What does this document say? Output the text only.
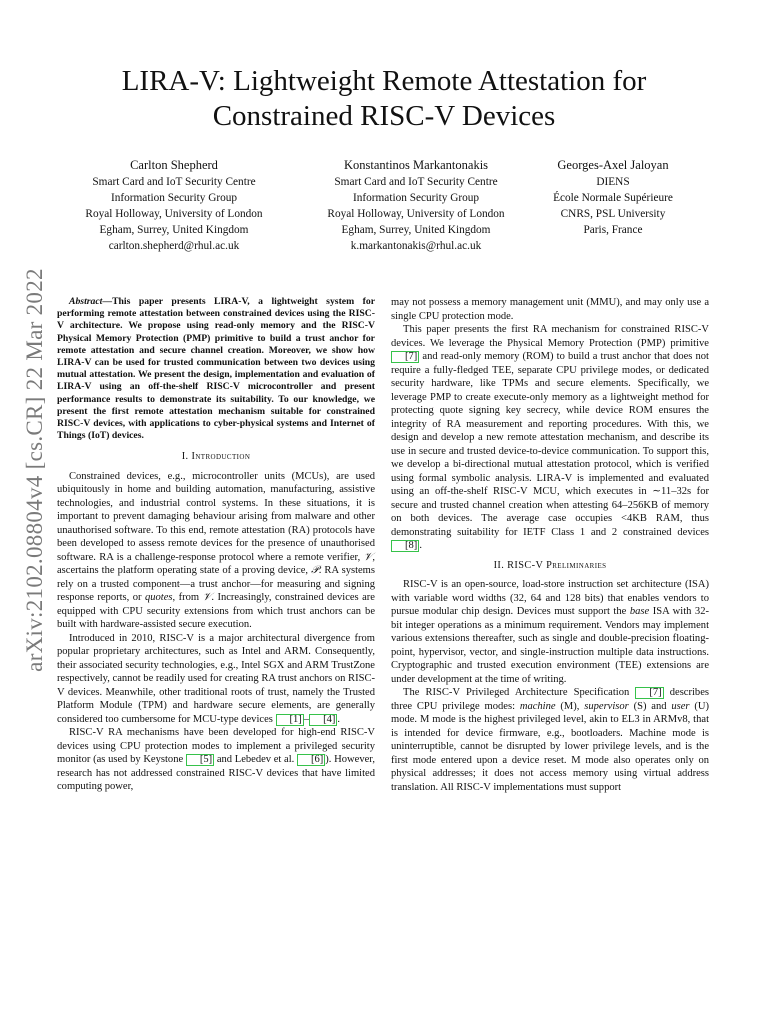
arXiv:2102.08804v4 [cs.CR] 22 Mar 2022
LIRA-V: Lightweight Remote Attestation for
Constrained RISC-V Devices
Carlton Shepherd
Smart Card and IoT Security Centre
Information Security Group
Royal Holloway, University of London
Egham, Surrey, United Kingdom
carlton.shepherd@rhul.ac.uk
Konstantinos Markantonakis
Smart Card and IoT Security Centre
Information Security Group
Royal Holloway, University of London
Egham, Surrey, United Kingdom
k.markantonakis@rhul.ac.uk
Georges-Axel Jaloyan
DIENS
École Normale Supérieure
CNRS, PSL University
Paris, France

Abstract—This paper presents LIRA-V, a lightweight system for performing remote attestation between constrained devices using the RISC-V architecture. We propose using read-only memory and the RISC-V Physical Memory Protection (PMP) primitive to build a trust anchor for remote attestation and secure channel creation. Moreover, we show how LIRA-V can be used for trusted communication between two devices using mutual attestation. We present the design, implementation and evaluation of LIRA-V using an off-the-shelf RISC-V microcontroller and present performance results to demonstrate its suitability. To our knowledge, we present the first remote attestation mechanism suitable for constrained RISC-V devices, with applications to cyber-physical systems and Internet of Things (IoT) devices.

I. Introduction

Constrained devices, e.g., microcontroller units (MCUs), are used ubiquitously in home and building automation, manufacturing, assistive technologies, and industrial control systems. In these situations, it is important to prevent damaging behaviour arising from malware and other unauthorised software. To this end, remote attestation (RA) protocols have been developed to assess remote devices for the presence of unauthorised software. RA is a challenge-response protocol where a remote verifier, 𝒱, ascertains the platform operating state of a proving device, 𝒫. RA systems rely on a trusted component—a trust anchor—for measuring and signing response reports, or quotes, from 𝒱. Increasingly, constrained devices are equipped with CPU security extensions from which trust anchors can be built with hardware-assisted secure execution.

Introduced in 2010, RISC-V is a major architectural divergence from popular proprietary architectures, such as Intel and ARM. Consequently, their associated security technologies, e.g., Intel SGX and ARM TrustZone respectively, cannot be readily used for creating RA trust anchors on RISC-V devices. Meanwhile, other traditional roots of trust, namely the Trusted Platform Module (TPM) and hardware secure elements, are generally considered too cumbersome for MCU-type devices [1] – [4] .

RISC-V RA mechanisms have been developed for high-end RISC-V devices using CPU protection modes to implement a privileged security monitor (as used by Keystone [5] and Lebedev et al. [6] ). However, research has not addressed constrained RISC-V devices that have limited computing power,

may not possess a memory management unit (MMU), and may only use a single CPU protection mode.

This paper presents the first RA mechanism for constrained RISC-V devices. We leverage the Physical Memory Protection (PMP) primitive [7] and read-only memory (ROM) to build a trust anchor that does not require a fully-fledged TEE, separate CPU privilege modes, or dedicated security hardware, like TPMs and secure elements. Specifically, we leverage PMP to create execute-only memory as a lightweight method for protecting quote signing key secrecy, while device ROM ensures the integrity of RA measurement and reporting procedures. With this, we design and develop a new remote attestation mechanism, and describe its use in secure and trusted device-to-device communication. To support this, we develop a bi-directional mutual attestation protocol, which is verified using formal symbolic analysis. LIRA-V is implemented and evaluated using an off-the-shelf RISC-V MCU, which executes in ∼11–32s for secure and trusted channel creation when attesting 64–256KB of memory on both devices. The average case occupies <4KB RAM, thus demonstrating suitability for IETF Class 1 and 2 constrained devices [8] .

II. RISC-V Preliminaries

RISC-V is an open-source, load-store instruction set architecture (ISA) with variable word widths (32, 64 and 128 bits) that enables vendors to pursue modular chip design. Devices must support the base ISA with 32-bit integer operations as a minimum requirement. Vendors may implement various extensions thereafter, such as single and double-precision floating-point, hypervisor, vector, and single-instruction multiple data instructions. Cryptographic and trusted execution environment (TEE) extensions are under development at the time of writing.

The RISC-V Privileged Architecture Specification [7] describes three CPU privilege modes: machine (M), supervisor (S) and user (U) mode. M mode is the highest privileged level, akin to EL3 in ARMv8, that is intended for device firmware, e.g., bootloaders. Machine mode is uninterruptible, cannot be disrupted by lower privilege levels, and is the first mode entered upon a device reset. M mode also operates only on physical addresses; it does not access memory using virtual address translation. All RISC-V implementations must support
